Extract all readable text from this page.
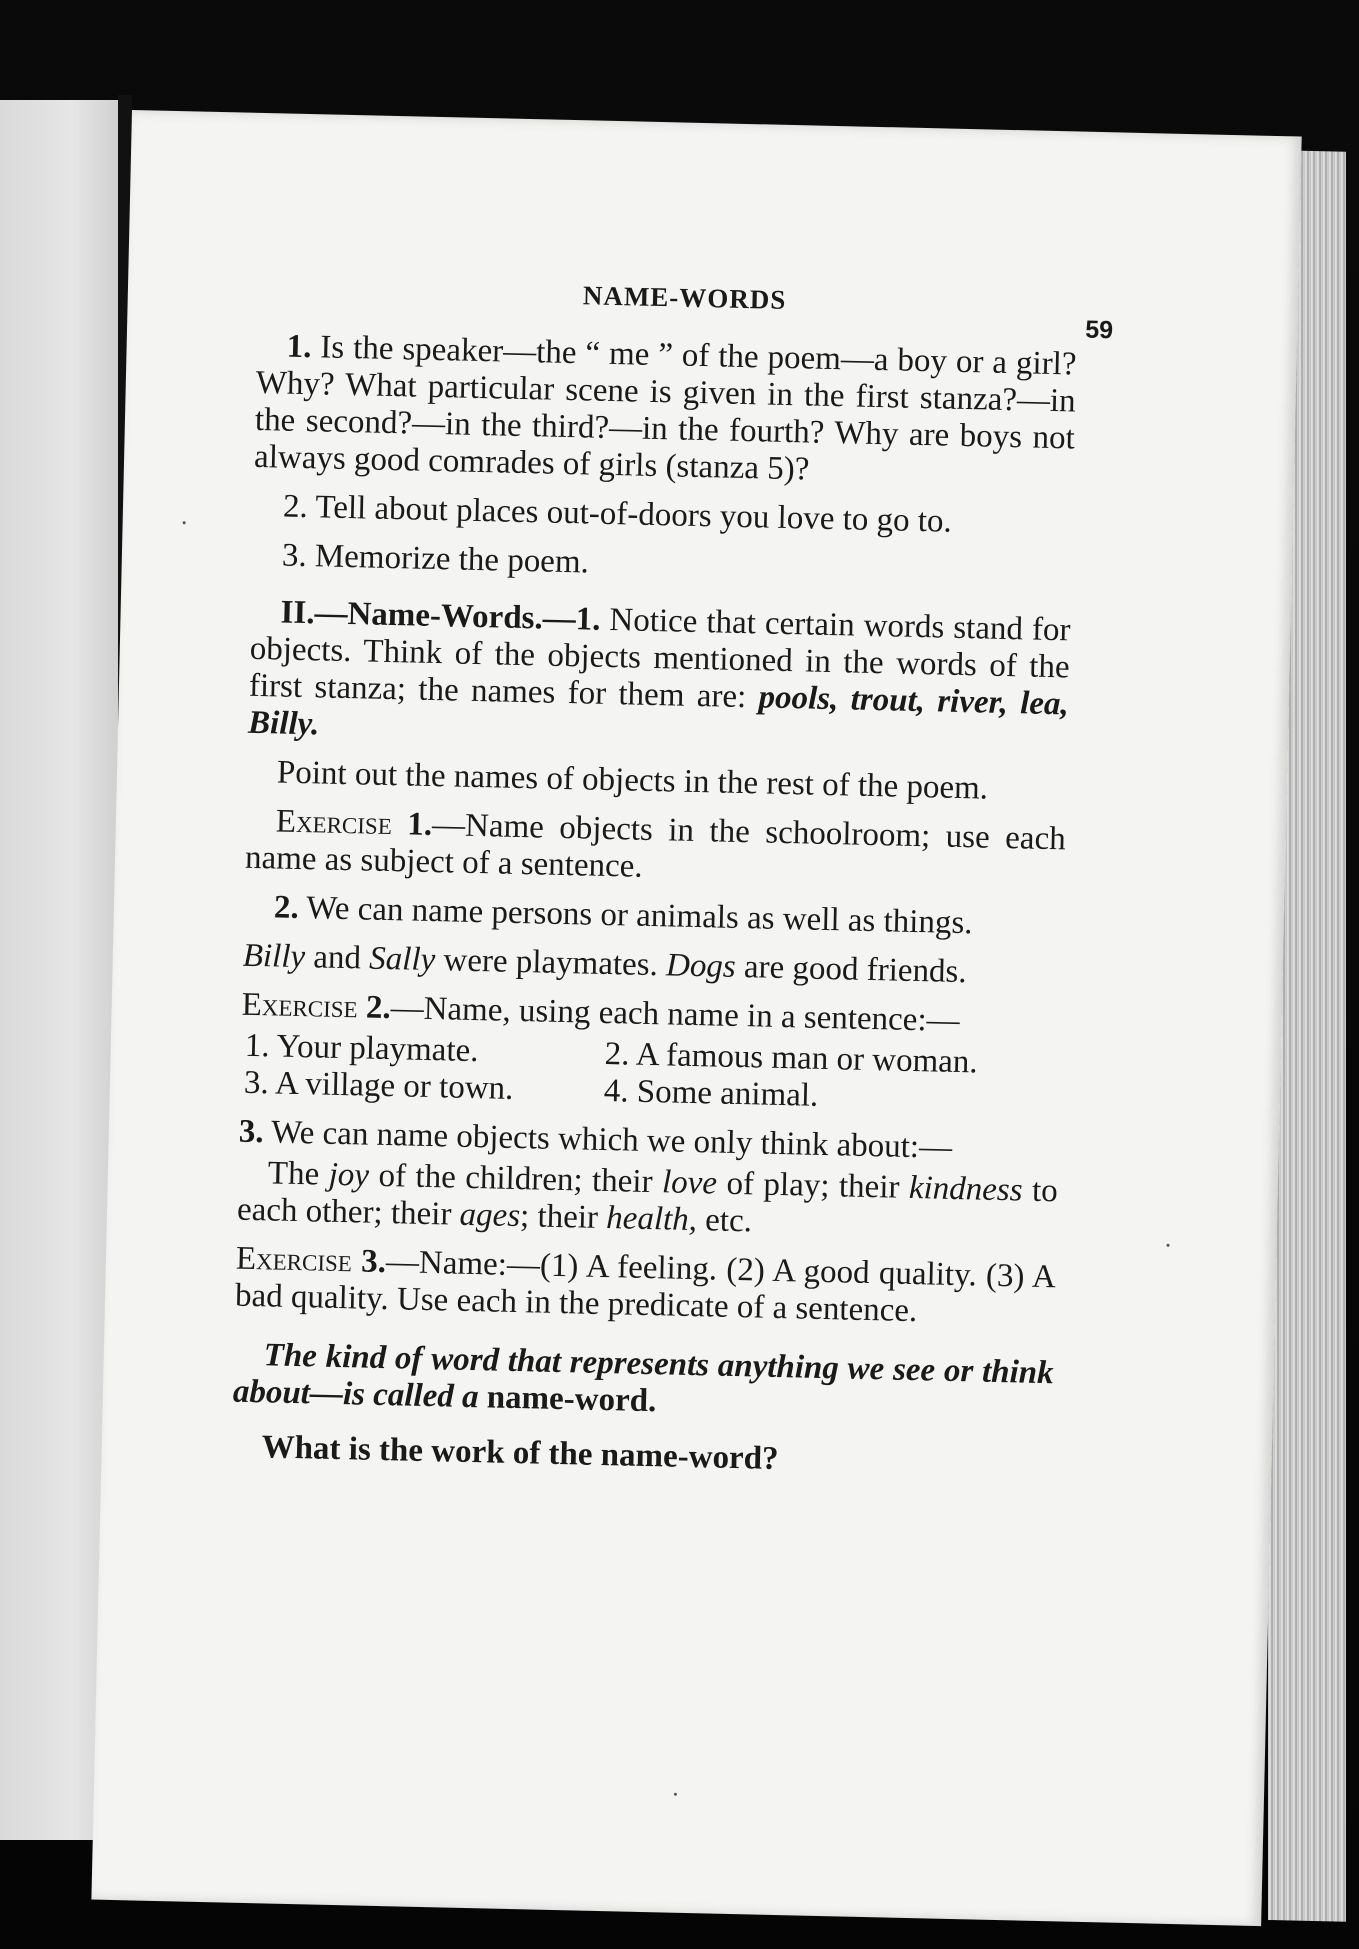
NAME-WORDS
59

1. Is the speaker—the “ me ” of the poem—a boy or a girl? Why? What particular scene is given in the first stanza?—in the second?—in the third?—in the fourth? Why are boys not always good comrades of girls (stanza 5)?

2. Tell about places out-of-doors you love to go to.

3. Memorize the poem.

II.—Name-Words.—1. Notice that certain words stand for objects. Think of the objects mentioned in the words of the first stanza; the names for them are: pools, trout, river, lea, Billy.

Point out the names of objects in the rest of the poem.

Exercise 1.—Name objects in the schoolroom; use each name as subject of a sentence.

2. We can name persons or animals as well as things.

Billy and Sally were playmates. Dogs are good friends.

Exercise 2.—Name, using each name in a sentence:—

1. Your playmate.	2. A famous man or woman.
3. A village or town.	4. Some animal.

3. We can name objects which we only think about:—

The joy of the children; their love of play; their kindness to each other; their ages; their health, etc.

Exercise 3.—Name:—(1) A feeling. (2) A good quality. (3) A bad quality. Use each in the predicate of a sentence.

The kind of word that represents anything we see or think about—is called a name-word.

What is the work of the name-word?
